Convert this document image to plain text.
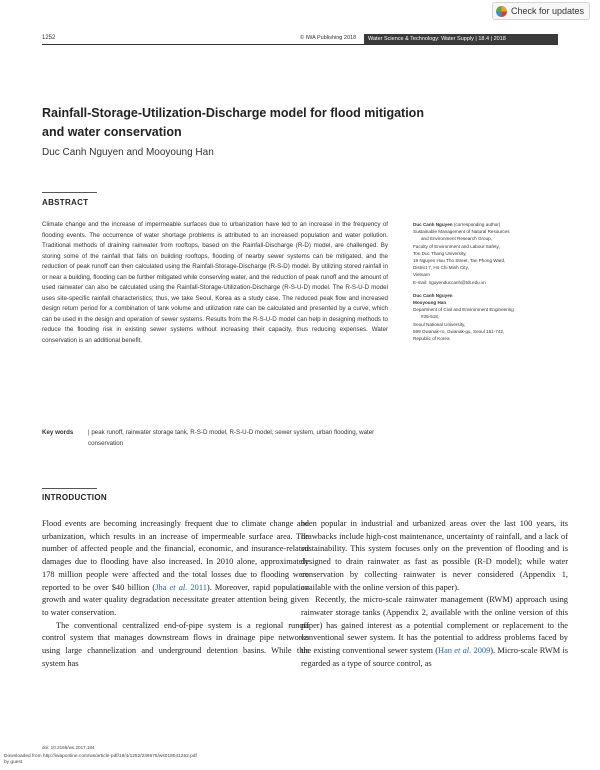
Check for updates
1252	© IWA Publishing 2018 Water Science & Technology: Water Supply | 18.4 | 2018
Rainfall-Storage-Utilization-Discharge model for flood mitigation and water conservation
Duc Canh Nguyen and Mooyoung Han
ABSTRACT
Climate change and the increase of impermeable surfaces due to urbanization have led to an increase in the frequency of flooding events. The occurrence of water shortage problems is attributed to an increased population and water pollution. Traditional methods of draining rainwater from rooftops, based on the Rainfall-Discharge (R-D) model, are challenged. By storing some of the rainfall that falls on building rooftops, flooding of nearby sewer systems can be mitigated, and the reduction of peak runoff can then calculated using the Rainfall-Storage-Discharge (R-S-D) model. By utilizing stored rainfall in or near a building, flooding can be further mitigated while conserving water, and the reduction of peak runoff and the amount of used rainwater can also be calculated using the Rainfall-Storage-Utilization-Discharge (R-S-U-D) model. The R-S-U-D model uses site-specific rainfall characteristics; thus, we take Seoul, Korea as a study case. The reduced peak flow and increased design return period for a combination of tank volume and utilization rate can be calculated and presented by a curve, which can be used in the design and operation of sewer systems. Results from the R-S-U-D model can help in designing methods to reduce the flooding risk in existing sewer systems without increasing their capacity, thus reducing expenses. Water conservation is an additional benefit.
Key words	| peak runoff, rainwater storage tank, R-S-D model, R-S-U-D model, sewer system, urban flooding, water conservation
Duc Canh Nguyen (corresponding author)
Sustainable Management of Natural Resources
and Environment Research Group,
Faculty of Environment and Labour Safety,
Ton Duc Thang University,
19 Nguyen Huu Tho Street, Tan Phong Ward,
District 7, Ho Chi Minh City,
Vietnam
E-mail: nguyenduccanh@tdt.edu.vn
Duc Canh Nguyen
Mooyoung Han
Department of Civil and Environment Engineering
#35-518,
Seoul National University,
599 Gwanak-ro, Gwanak-gu, Seoul 151-742,
Republic of Korea
INTRODUCTION

Flood events are becoming increasingly frequent due to climate change and urbanization, which results in an increase of impermeable surface area. The number of affected people and the financial, economic, and insurance-related damages due to flooding have also increased. In 2010 alone, approximately 178 million people were affected and the total losses due to flooding were reported to be over $40 billion (Jha et al. 2011). Moreover, rapid population growth and water quality degradation necessitate greater attention being given to water conservation.

The conventional centralized end-of-pipe system is a regional runoff control system that manages downstream flows in drainage pipe networks using large channelization and underground detention basins. While this system has

been popular in industrial and urbanized areas over the last 100 years, its drawbacks include high-cost maintenance, uncertainty of rainfall, and a lack of sustainability. This system focuses only on the prevention of flooding and is designed to drain rainwater as fast as possible (R-D model); while water conservation by collecting rainwater is never considered (Appendix 1, available with the online version of this paper).

Recently, the micro-scale rainwater management (RWM) approach using rainwater storage tanks (Appendix 2, available with the online version of this paper) has gained interest as a potential complement or replacement to the conventional sewer system. It has the potential to address problems faced by the existing conventional sewer system (Han et al. 2009). Micro-scale RWM is regarded as a type of source control, as

doi: 10.2166/ws.2017.184
Downloaded from http://iwaponline.com/ws/article-pdf/18/4/1252/236675/ws018041252.pdf
by guest
